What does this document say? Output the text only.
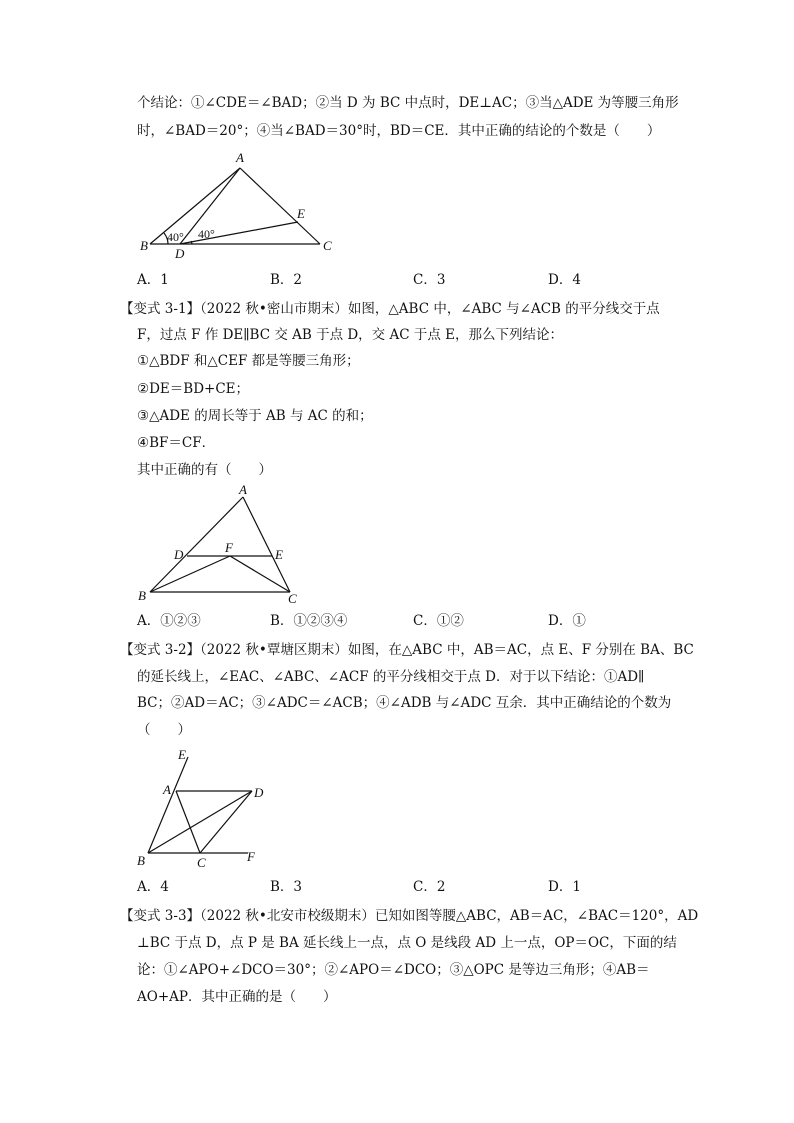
个结论：①∠CDE＝∠BAD；②当 D 为 BC 中点时，DE⊥AC；③当△ADE 为等腰三角形
时，∠BAD＝20°；④当∠BAD＝30°时，BD＝CE．其中正确的结论的个数是（　　）
A
B	C
D
E
40° 40°
A．1	B．2	C．3	D．4
【变式 3-1】（2022 秋•密山市期末）如图，△ABC 中，∠ABC 与∠ACB 的平分线交于点
F，过点 F 作 DE∥BC 交 AB 于点 D，交 AC 于点 E，那么下列结论：
①△BDF 和△CEF 都是等腰三角形；
②DE＝BD+CE；
③△ADE 的周长等于 AB 与 AC 的和；
④BF＝CF．
其中正确的有（　　）
A
B	C
D	E
F
A．①②③	B．①②③④	C．①②	D．①
【变式 3-2】（2022 秋•覃塘区期末）如图，在△ABC 中，AB＝AC，点 E、F 分别在 BA、BC
的延长线上，∠EAC、∠ABC、∠ACF 的平分线相交于点 D．对于以下结论：①AD∥
BC；②AD＝AC；③∠ADC＝∠ACB；④∠ADB 与∠ADC 互余．其中正确结论的个数为
（　　）
E
A	D
B	C	F
A．4	B．3	C．2	D．1
【变式 3-3】（2022 秋•北安市校级期末）已知如图等腰△ABC，AB＝AC，∠BAC＝120°，AD
⊥BC 于点 D，点 P 是 BA 延长线上一点，点 O 是线段 AD 上一点，OP＝OC，下面的结
论：①∠APO+∠DCO＝30°；②∠APO＝∠DCO；③△OPC 是等边三角形；④AB＝
AO+AP．其中正确的是（　　）
